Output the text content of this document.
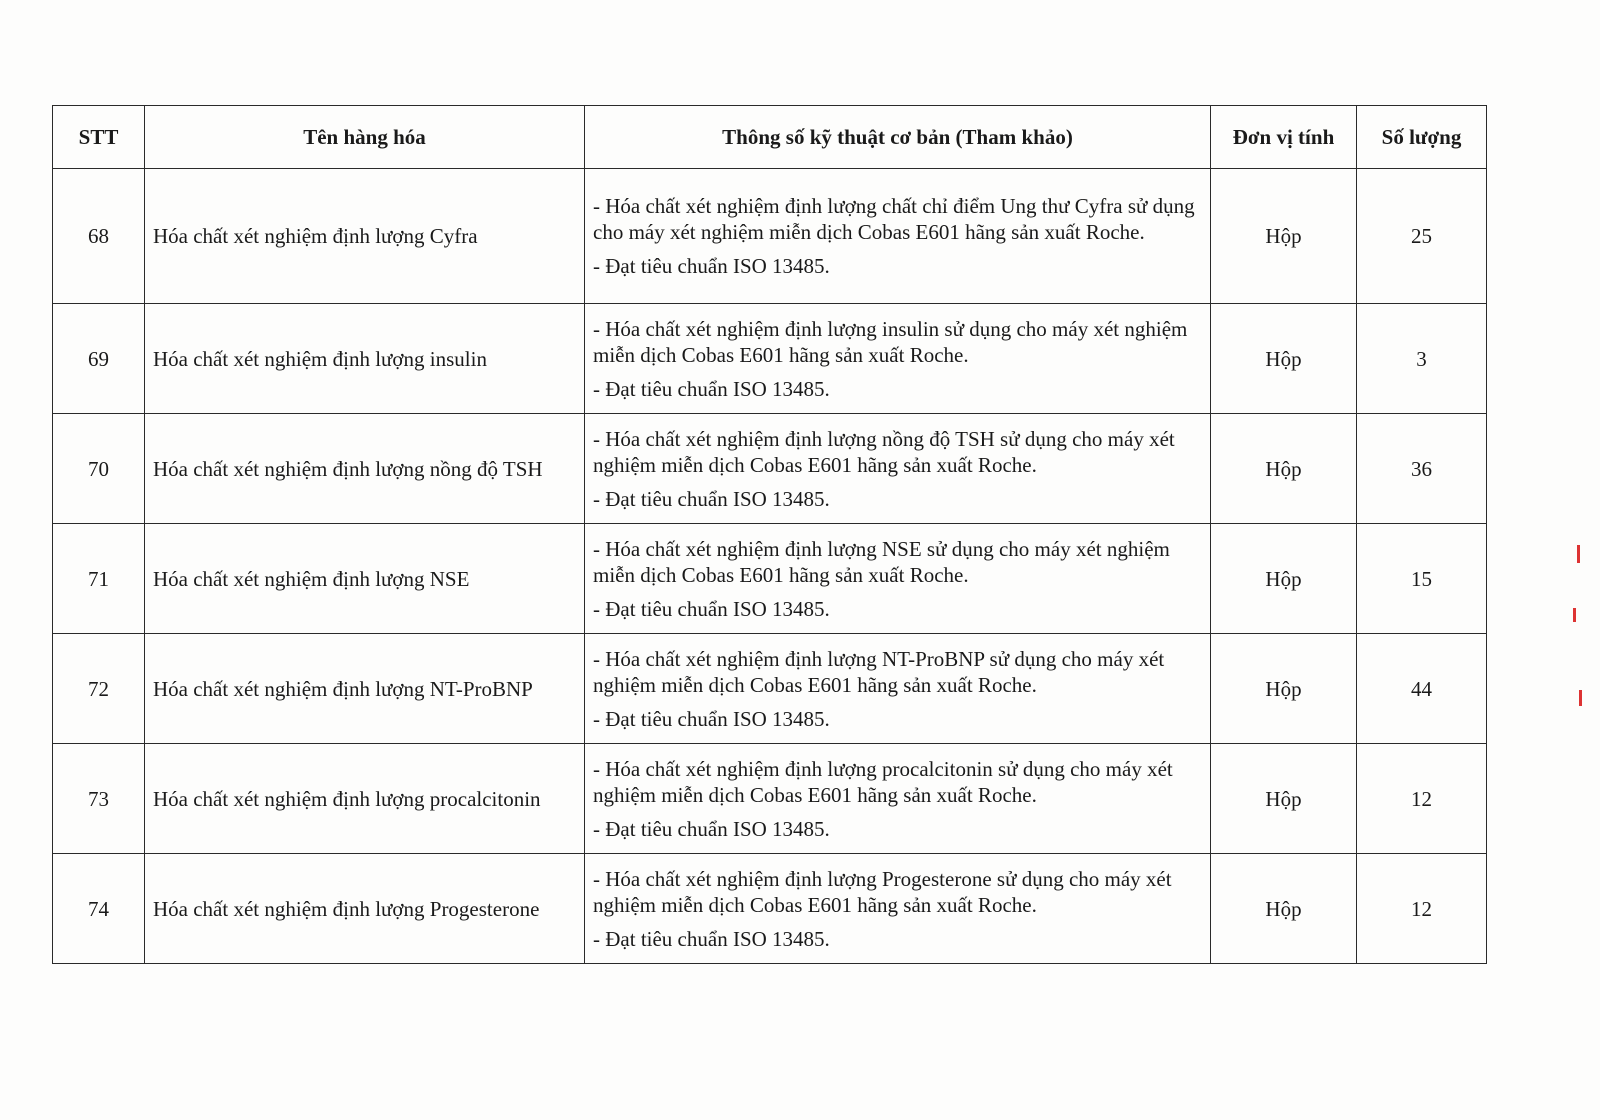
STT	Tên hàng hóa	Thông số kỹ thuật cơ bản (Tham khảo)	Đơn vị tính	Số lượng
68	Hóa chất xét nghiệm định lượng Cyfra	- Hóa chất xét nghiệm định lượng chất chỉ điểm Ung thư Cyfra sử dụng cho máy xét nghiệm miễn dịch Cobas E601 hãng sản xuất Roche.

- Đạt tiêu chuẩn ISO 13485.	Hộp	25
69	Hóa chất xét nghiệm định lượng insulin	- Hóa chất xét nghiệm định lượng insulin sử dụng cho máy xét nghiệm miễn dịch Cobas E601 hãng sản xuất Roche.

- Đạt tiêu chuẩn ISO 13485.	Hộp	3
70	Hóa chất xét nghiệm định lượng nồng độ TSH	- Hóa chất xét nghiệm định lượng nồng độ TSH sử dụng cho máy xét nghiệm miễn dịch Cobas E601 hãng sản xuất Roche.

- Đạt tiêu chuẩn ISO 13485.	Hộp	36
71	Hóa chất xét nghiệm định lượng NSE	- Hóa chất xét nghiệm định lượng NSE sử dụng cho máy xét nghiệm miễn dịch Cobas E601 hãng sản xuất Roche.

- Đạt tiêu chuẩn ISO 13485.	Hộp	15
72	Hóa chất xét nghiệm định lượng NT-ProBNP	- Hóa chất xét nghiệm định lượng NT-ProBNP sử dụng cho máy xét nghiệm miễn dịch Cobas E601 hãng sản xuất Roche.

- Đạt tiêu chuẩn ISO 13485.	Hộp	44
73	Hóa chất xét nghiệm định lượng procalcitonin	- Hóa chất xét nghiệm định lượng procalcitonin sử dụng cho máy xét nghiệm miễn dịch Cobas E601 hãng sản xuất Roche.

- Đạt tiêu chuẩn ISO 13485.	Hộp	12
74	Hóa chất xét nghiệm định lượng Progesterone	- Hóa chất xét nghiệm định lượng Progesterone sử dụng cho máy xét nghiệm miễn dịch Cobas E601 hãng sản xuất Roche.

- Đạt tiêu chuẩn ISO 13485.	Hộp	12
